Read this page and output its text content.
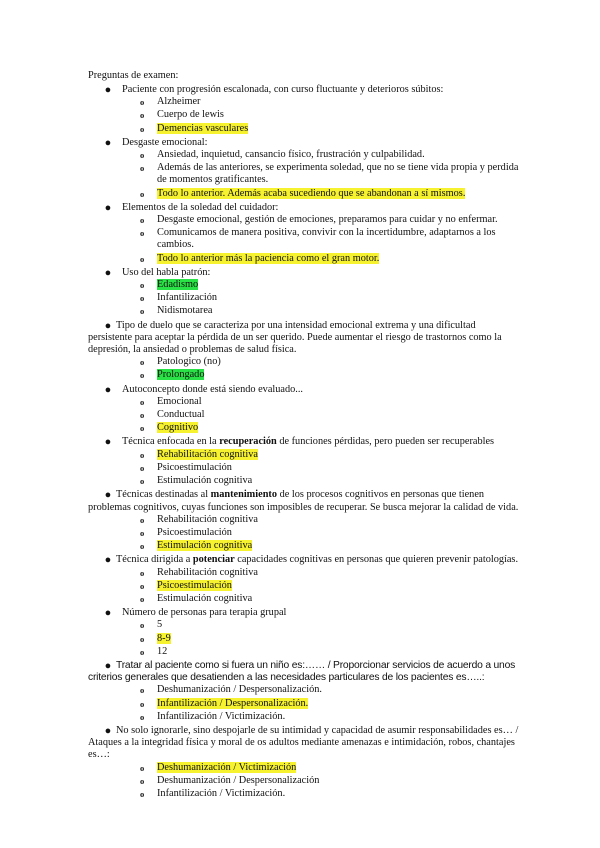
Preguntas de examen:
●	Paciente con progresión escalonada, con curso fluctuante y deterioros súbitos:
o Alzheimer
o Cuerpo de lewis
o Demencias vasculares
●	Desgaste emocional:
o Ansiedad, inquietud, cansancio físico, frustración y culpabilidad.
o Además de las anteriores, se experimenta soledad, que no se tiene vida propia y perdida de momentos gratificantes.
o Todo lo anterior. Además acaba sucediendo que se abandonan a sí mismos.
●	Elementos de la soledad del cuidador:
o Desgaste emocional, gestión de emociones, preparamos para cuidar y no enfermar.
o Comunicamos de manera positiva, convivir con la incertidumbre, adaptarnos a los cambios.
o Todo lo anterior más la paciencia como el gran motor.
●	Uso del habla patrón:
o Edadismo
o Infantilización
o Nidismotarea
● Tipo de duelo que se caracteriza por una intensidad emocional extrema y una dificultad persistente para aceptar la pérdida de un ser querido. Puede aumentar el riesgo de trastornos como la depresión, la ansiedad o problemas de salud física.
o Patologico (no)
o Prolongado
●	Autoconcepto donde está siendo evaluado...
o Emocional
o Conductual
o Cognitivo
●	Técnica enfocada en la recuperación de funciones pérdidas, pero pueden ser recuperables
o Rehabilitación cognitiva
o Psicoestimulación
o Estimulación cognitiva
● Técnicas destinadas al mantenimiento de los procesos cognitivos en personas que tienen problemas cognitivos, cuyas funciones son imposibles de recuperar. Se busca mejorar la calidad de vida.
o Rehabilitación cognitiva
o Psicoestimulación
o Estimulación cognitiva
● Técnica dirigida a potenciar capacidades cognitivas en personas que quieren prevenir patologías.
o Rehabilitación cognitiva
o Psicoestimulación
o Estimulación cognitiva
●	Número de personas para terapia grupal
o 5
o 8-9
o 12
● Tratar al paciente como si fuera un niño es:…… / Proporcionar servicios de acuerdo a unos criterios generales que desatienden a las necesidades particulares de los pacientes es…..:
o Deshumanización / Despersonalización.
o Infantilización / Despersonalización.
o Infantilización / Victimización.
● No solo ignorarle, sino despojarle de su intimidad y capacidad de asumir responsabilidades es… / Ataques a la integridad física y moral de os adultos mediante amenazas e intimidación, robos, chantajes es…:
o Deshumanización / Victimización
o Deshumanización / Despersonalización
o Infantilización / Victimización.
